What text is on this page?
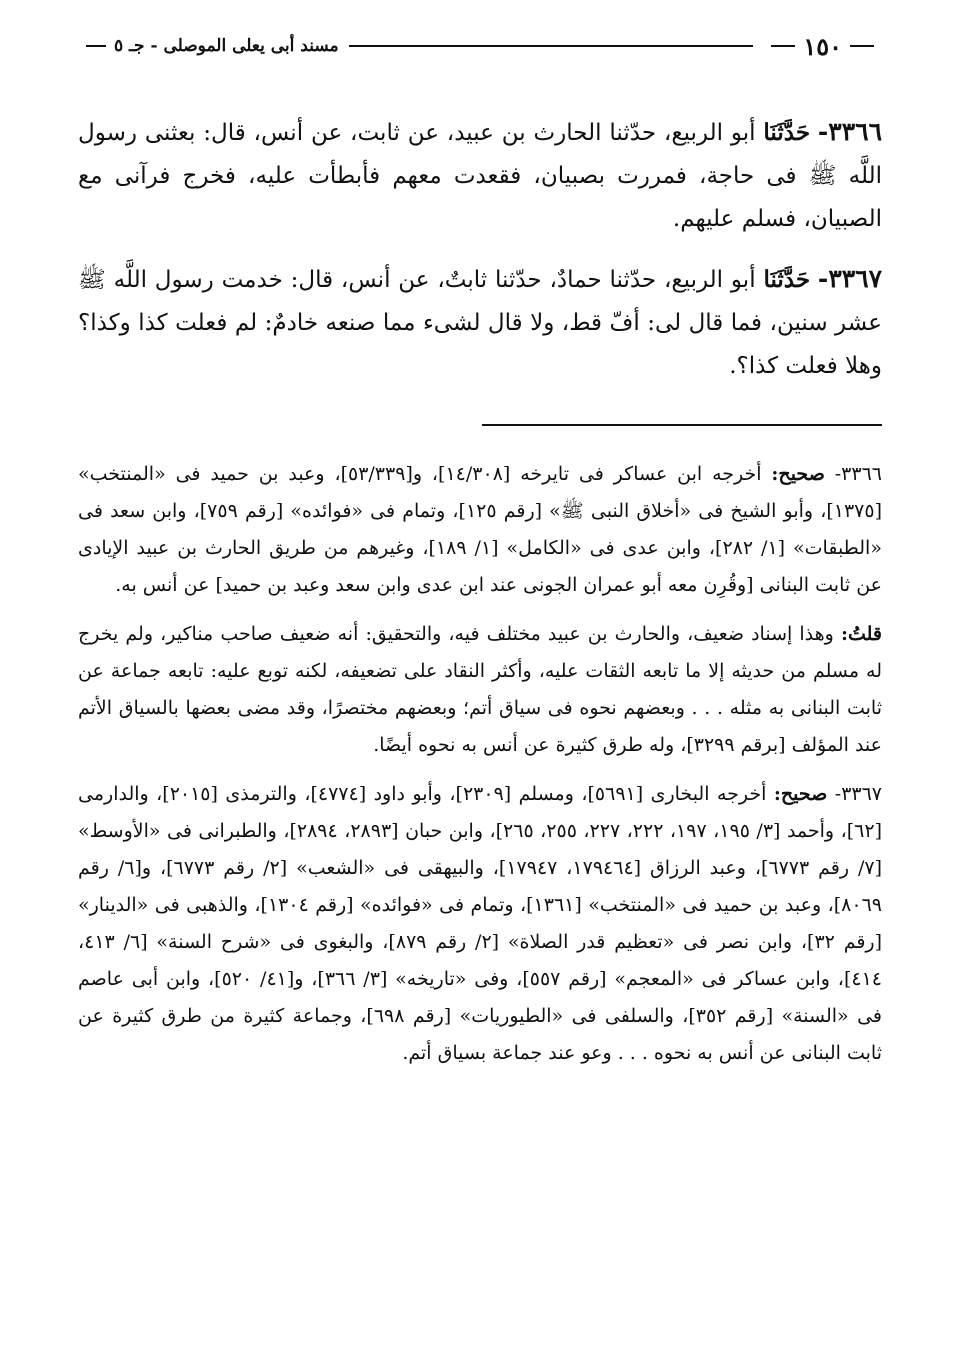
١٥٠
مسند أبى يعلى الموصلى - جـ ٥

٣٣٦٦- حَدَّثَنَا أبو الربيع، حدّثنا الحارث بن عبيد، عن ثابت، عن أنس، قال: بعثنى رسول اللَّه ﷺ فى حاجة، فمررت بصبيان، فقعدت معهم فأبطأت عليه، فخرج فرآنى مع الصبيان، فسلم عليهم.

٣٣٦٧- حَدَّثَنَا أبو الربيع، حدّثنا حمادٌ، حدّثنا ثابتٌ، عن أنس، قال: خدمت رسول اللَّه ﷺ عشر سنين، فما قال لى: أفّ قط، ولا قال لشىء مما صنعه خادمٌ: لم فعلت كذا وكذا؟ وهلا فعلت كذا؟.

٣٣٦٦- صحيح: أخرجه ابن عساكر فى تايرخه [١٤/٣٠٨]، و[٥٣/٣٣٩]، وعبد بن حميد فى «المنتخب» [١٣٧٥]، وأبو الشيخ فى «أخلاق النبى ﷺ» [رقم ١٢٥]، وتمام فى «فوائده» [رقم ٧٥٩]، وابن سعد فى «الطبقات» [١/ ٢٨٢]، وابن عدى فى «الكامل» [١/ ١٨٩]، وغيرهم من طريق الحارث بن عبيد الإيادى عن ثابت البنانى [وقُرِن معه أبو عمران الجونى عند ابن عدى وابن سعد وعبد بن حميد] عن أنس به.

قلتُ: وهذا إسناد ضعيف، والحارث بن عبيد مختلف فيه، والتحقيق: أنه ضعيف صاحب مناكير، ولم يخرج له مسلم من حديثه إلا ما تابعه الثقات عليه، وأكثر النقاد على تضعيفه، لكنه توبع عليه: تابعه جماعة عن ثابت البنانى به مثله . . . وبعضهم نحوه فى سياق أتم؛ وبعضهم مختصرًا، وقد مضى بعضها بالسياق الأتم عند المؤلف [برقم ٣٢٩٩]، وله طرق كثيرة عن أنس به نحوه أيضًا.

٣٣٦٧- صحيح: أخرجه البخارى [٥٦٩١]، ومسلم [٢٣٠٩]، وأبو داود [٤٧٧٤]، والترمذى [٢٠١٥]، والدارمى [٦٢]، وأحمد [٣/ ١٩٥، ١٩٧، ٢٢٢، ٢٢٧، ٢٥٥، ٢٦٥]، وابن حبان [٢٨٩٣، ٢٨٩٤]، والطبرانى فى «الأوسط» [٧/ رقم ٦٧٧٣]، وعبد الرزاق [١٧٩٤٦٤، ١٧٩٤٧]، والبيهقى فى «الشعب» [٢/ رقم ٦٧٧٣]، و[٦/ رقم ٨٠٦٩]، وعبد بن حميد فى «المنتخب» [١٣٦١]، وتمام فى «فوائده» [رقم ١٣٠٤]، والذهبى فى «الدينار» [رقم ٣٢]، وابن نصر فى «تعظيم قدر الصلاة» [٢/ رقم ٨٧٩]، والبغوى فى «شرح السنة» [٦/ ٤١٣، ٤١٤]، وابن عساكر فى «المعجم» [رقم ٥٥٧]، وفى «تاريخه» [٣/ ٣٦٦]، و[٤١/ ٥٢٠]، وابن أبى عاصم فى «السنة» [رقم ٣٥٢]، والسلفى فى «الطيوريات» [رقم ٦٩٨]، وجماعة كثيرة من طرق كثيرة عن ثابت البنانى عن أنس به نحوه . . . وعو عند جماعة بسياق أتم.
